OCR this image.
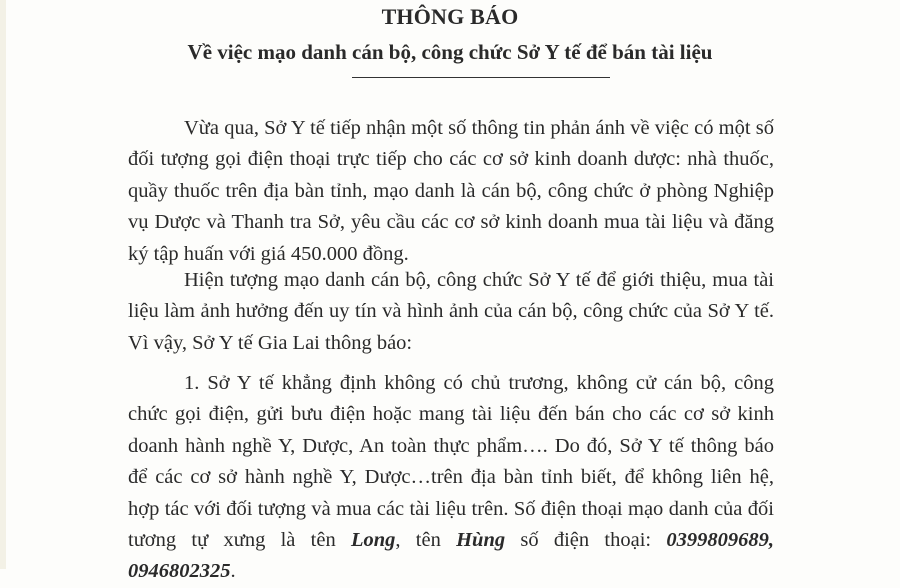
THÔNG BÁO
Về việc mạo danh cán bộ, công chức Sở Y tế để bán tài liệu
Vừa qua, Sở Y tế tiếp nhận một số thông tin phản ánh về việc có một số
đối tượng gọi điện thoại trực tiếp cho các cơ sở kinh doanh dược: nhà thuốc,
quầy thuốc trên địa bàn tỉnh, mạo danh là cán bộ, công chức ở phòng Nghiệp
vụ Dược và Thanh tra Sở, yêu cầu các cơ sở kinh doanh mua tài liệu và đăng
ký tập huấn với giá 450.000 đồng.
Hiện tượng mạo danh cán bộ, công chức Sở Y tế để giới thiệu, mua tài
liệu làm ảnh hưởng đến uy tín và hình ảnh của cán bộ, công chức của Sở Y tế.
Vì vậy, Sở Y tế Gia Lai thông báo:
1. Sở Y tế khẳng định không có chủ trương, không cử cán bộ, công
chức gọi điện, gửi bưu điện hoặc mang tài liệu đến bán cho các cơ sở kinh
doanh hành nghề Y, Dược, An toàn thực phẩm…. Do đó, Sở Y tế thông báo
để các cơ sở hành nghề Y, Dược…trên địa bàn tỉnh biết, để không liên hệ,
hợp tác với đối tượng và mua các tài liệu trên. Số điện thoại mạo danh của đối
tương tự xưng là tên Long, tên Hùng số điện thoại: 0399809689,
0946802325.
